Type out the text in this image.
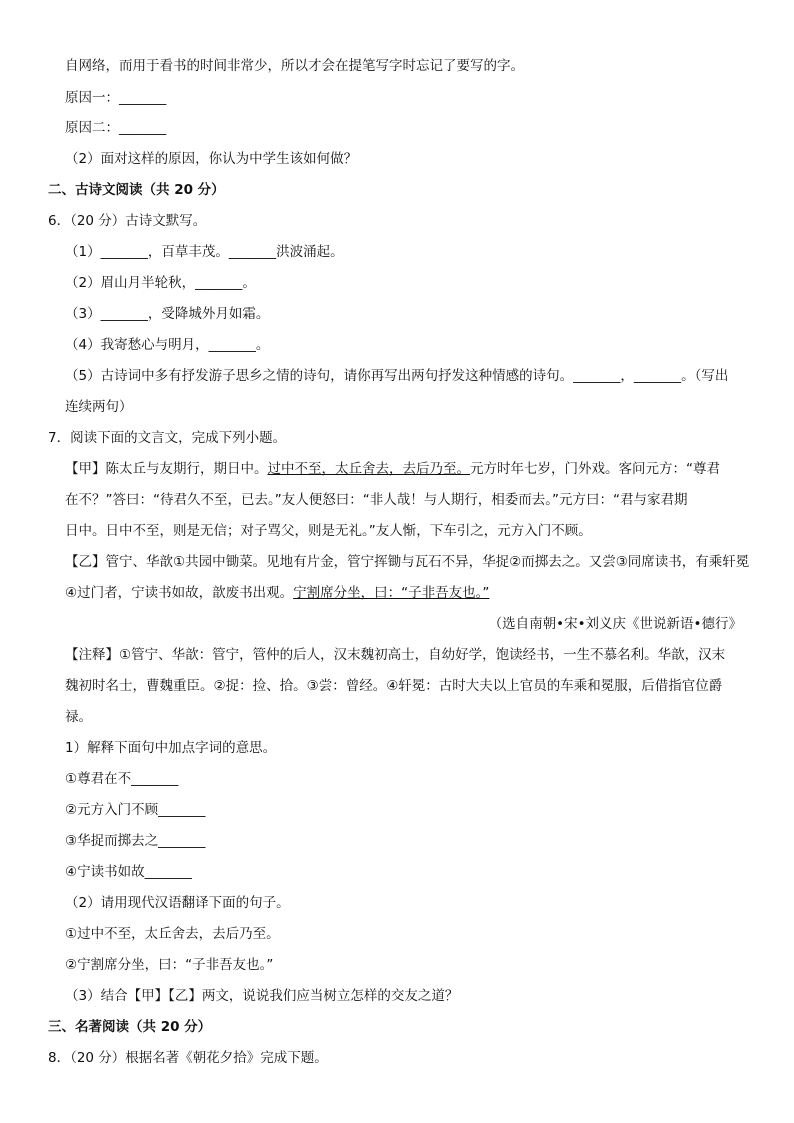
自网络，而用于看书的时间非常少，所以才会在提笔写字时忘记了要写的字。
原因一：_______
原因二：_______
（2）面对这样的原因，你认为中学生该如何做？
二、古诗文阅读（共 20 分）
6．（20 分）古诗文默写。
（1）_______，百草丰茂。_______洪波涌起。
（2）眉山月半轮秋，_______。
（3）_______，受降城外月如霜。
（4）我寄愁心与明月，_______。
（5）古诗词中多有抒发游子思乡之情的诗句，请你再写出两句抒发这种情感的诗句。_______，_______。（写出
连续两句）
7．阅读下面的文言文，完成下列小题。
【甲】陈太丘与友期行，期日中。过中不至，太丘舍去，去后乃至。元方时年七岁，门外戏。客问元方：“尊君
在不？”答曰：“待君久不至，已去。”友人便怒曰：“非人哉！与人期行，相委而去。”元方曰：“君与家君期
日中。日中不至，则是无信；对子骂父，则是无礼。”友人惭，下车引之，元方入门不顾。
【乙】管宁、华歆①共园中锄菜。见地有片金，管宁挥锄与瓦石不异，华捉②而掷去之。又尝③同席读书，有乘轩冕
④过门者，宁读书如故，歆废书出观。宁割席分坐，曰：“子非吾友也。”
（选自南朝•宋•刘义庆《世说新语•德行》
【注释】①管宁、华歆：管宁，管仲的后人，汉末魏初高士，自幼好学，饱读经书，一生不慕名利。华歆，汉末
魏初时名士，曹魏重臣。②捉：捡、拾。③尝：曾经。④轩冕：古时大夫以上官员的车乘和冕服，后借指官位爵
禄。
1）解释下面句中加点字词的意思。
①尊君在不_______
②元方入门不顾_______
③华捉而掷去之_______
④宁读书如故_______
（2）请用现代汉语翻译下面的句子。
①过中不至，太丘舍去，去后乃至。
②宁割席分坐，曰：“子非吾友也。”
（3）结合【甲】【乙】两文，说说我们应当树立怎样的交友之道？
三、名著阅读（共 20 分）
8．（20 分）根据名著《朝花夕拾》完成下题。
